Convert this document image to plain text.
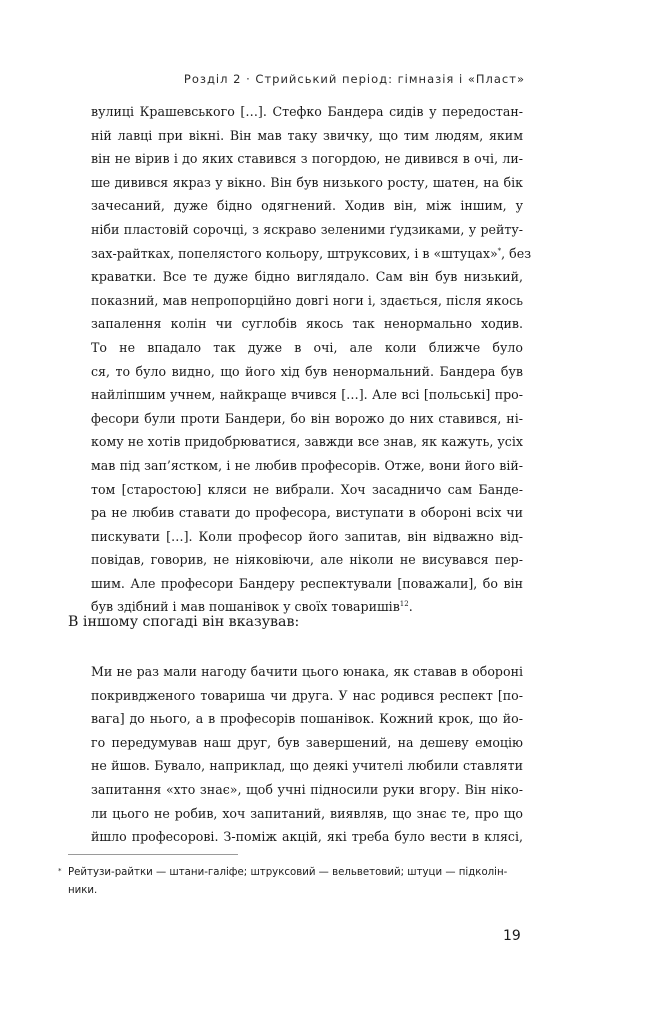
Розділ 2 · Стрийський період: гімназія і «Пласт»
вулиці Крашевського […]. Стефко Бандера сидів у передостан-
ній лавці при вікні. Він мав таку звичку, що тим людям, яким
він не вірив і до яких ставився з погордою, не дивився в очі, ли-
ше дивився якраз у вікно. Він був низького росту, шатен, на бік
зачесаний, дуже бідно одягнений. Ходив він, між іншим, у
ніби пластовій сорочці, з яскраво зеленими ґудзиками, у рейту-
зах-райтках, попелястого кольору, штруксових, і в «штуцах»*, без
краватки. Все те дуже бідно виглядало. Сам він був низький,
показний, мав непропорційно довгі ноги і, здається, після якось
запалення колін чи суглобів якось так ненормально ходив.
То не впадало так дуже в очі, але коли ближче було
ся, то було видно, що його хід був ненормальний. Бандера був
найліпшим учнем, найкраще вчився […]. Але всі [польські] про-
фесори були проти Бандери, бо він ворожо до них ставився, ні-
кому не хотів придобрюватися, завжди все знав, як кажуть, усіх
мав під зап’ястком, і не любив професорів. Отже, вони його вій-
том [старостою] кляси не вибрали. Хоч засадничо сам Банде-
ра не любив ставати до професора, виступати в обороні всіх чи
пискувати […]. Коли професор його запитав, він відважно від-
повідав, говорив, не ніяковіючи, але ніколи не висувався пер-
шим. Але професори Бандеру респектували [поважали], бо він
був здібний і мав пошанівок у своїх товаришів$^{12}$.
В іншому спогаді він вказував:
Ми не раз мали нагоду бачити цього юнака, як ставав в обороні
покривдженого товариша чи друга. У нас родився респект [по-
вага] до нього, а в професорів пошанівок. Кожний крок, що йо-
го передумував наш друг, був завершений, на дешеву емоцію
не йшов. Бувало, наприклад, що деякі учителі любили ставляти
запитання «хто знає», щоб учні підносили руки вгору. Він ніко-
ли цього не робив, хоч запитаний, виявляв, що знає те, про що
йшло професорові. З-поміж акцій, які треба було вести в клясі,
* Рейтузи-райтки — штани-галіфе; штруксовий — вельветовий; штуци — підколін-
ники.
19
